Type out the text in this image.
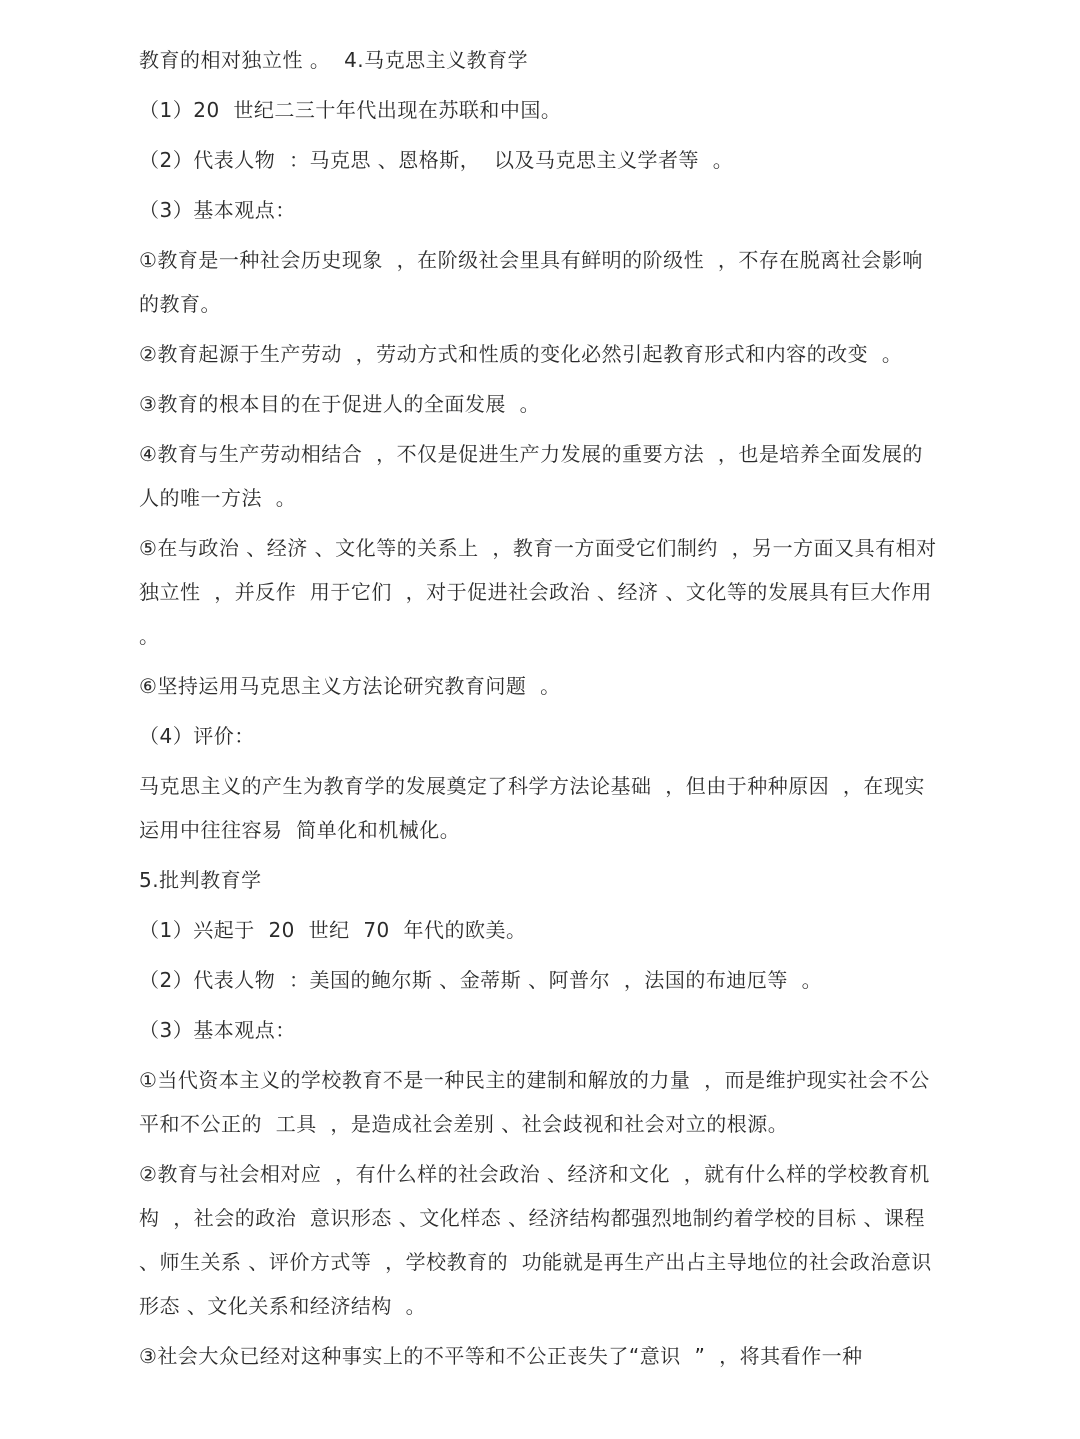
教育的相对独立性 。  4.马克思主义教育学

（1）20  世纪二三十年代出现在苏联和中国。

（2）代表人物  ：马克思 、恩格斯，  以及马克思主义学者等  。

（3）基本观点：

①教育是一种社会历史现象  ，在阶级社会里具有鲜明的阶级性  ，不存在脱离社会影响的教育。

②教育起源于生产劳动  ，劳动方式和性质的变化必然引起教育形式和内容的改变  。

③教育的根本目的在于促进人的全面发展  。

④教育与生产劳动相结合  ，不仅是促进生产力发展的重要方法  ，也是培养全面发展的人的唯一方法  。

⑤在与政治 、经济 、文化等的关系上  ，教育一方面受它们制约  ，另一方面又具有相对独立性  ，并反作  用于它们  ，对于促进社会政治 、经济 、文化等的发展具有巨大作用  。

⑥坚持运用马克思主义方法论研究教育问题  。

（4）评价：

马克思主义的产生为教育学的发展奠定了科学方法论基础  ，但由于种种原因  ，在现实运用中往往容易  简单化和机械化。

5.批判教育学

（1）兴起于  20  世纪  70  年代的欧美。

（2）代表人物  ：美国的鲍尔斯 、金蒂斯 、阿普尔  ，法国的布迪厄等  。

（3）基本观点：

①当代资本主义的学校教育不是一种民主的建制和解放的力量  ，而是维护现实社会不公平和不公正的  工具  ，是造成社会差别 、社会歧视和社会对立的根源。

②教育与社会相对应  ，有什么样的社会政治 、经济和文化  ，就有什么样的学校教育机构  ，社会的政治  意识形态 、文化样态 、经济结构都强烈地制约着学校的目标 、课程 、师生关系 、评价方式等  ，学校教育的  功能就是再生产出占主导地位的社会政治意识形态 、文化关系和经济结构  。

③社会大众已经对这种事实上的不平等和不公正丧失了“意识  ”  ，将其看作一种
